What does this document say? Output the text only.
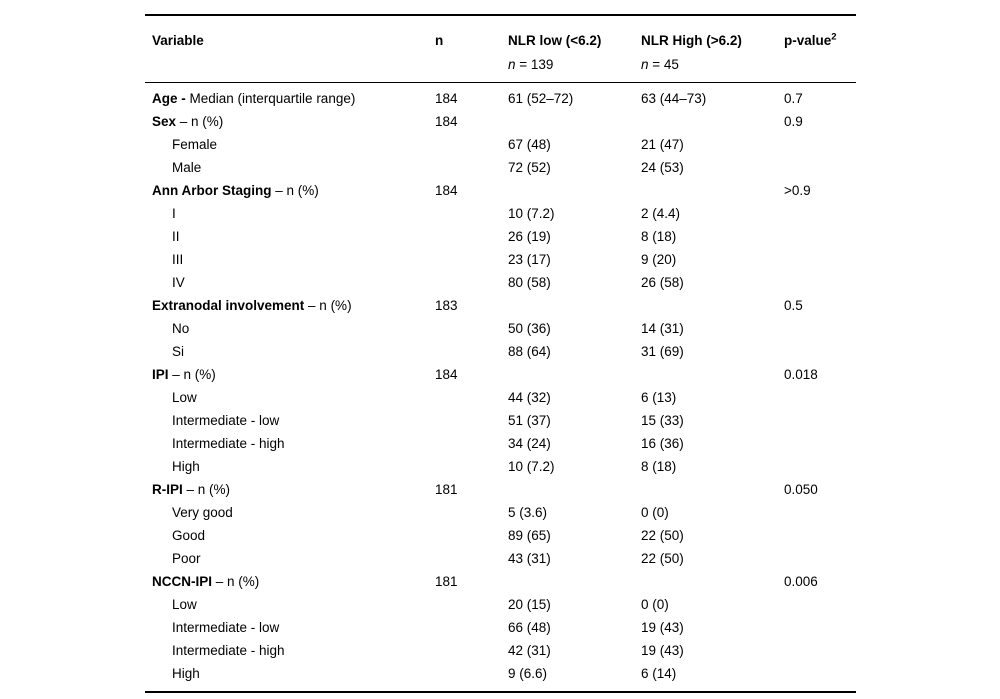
Variable	n	NLR low (<6.2)	NLR High (>6.2)	p-value$^2$
		n = 139	n = 45	
Age - Median (interquartile range)	184	61 (52–72)	63 (44–73)	0.7
Sex – n (%)	184			0.9
Female		67 (48)	21 (47)	
Male		72 (52)	24 (53)	
Ann Arbor Staging – n (%)	184			>0.9
I		10 (7.2)	2 (4.4)	
II		26 (19)	8 (18)	
III		23 (17)	9 (20)	
IV		80 (58)	26 (58)	
Extranodal involvement – n (%)	183			0.5
No		50 (36)	14 (31)	
Si		88 (64)	31 (69)	
IPI – n (%)	184			0.018
Low		44 (32)	6 (13)	
Intermediate - low		51 (37)	15 (33)	
Intermediate - high		34 (24)	16 (36)	
High		10 (7.2)	8 (18)	
R-IPI – n (%)	181			0.050
Very good		5 (3.6)	0 (0)	
Good		89 (65)	22 (50)	
Poor		43 (31)	22 (50)	
NCCN-IPI – n (%)	181			0.006
Low		20 (15)	0 (0)	
Intermediate - low		66 (48)	19 (43)	
Intermediate - high		42 (31)	19 (43)	
High		9 (6.6)	6 (14)	
